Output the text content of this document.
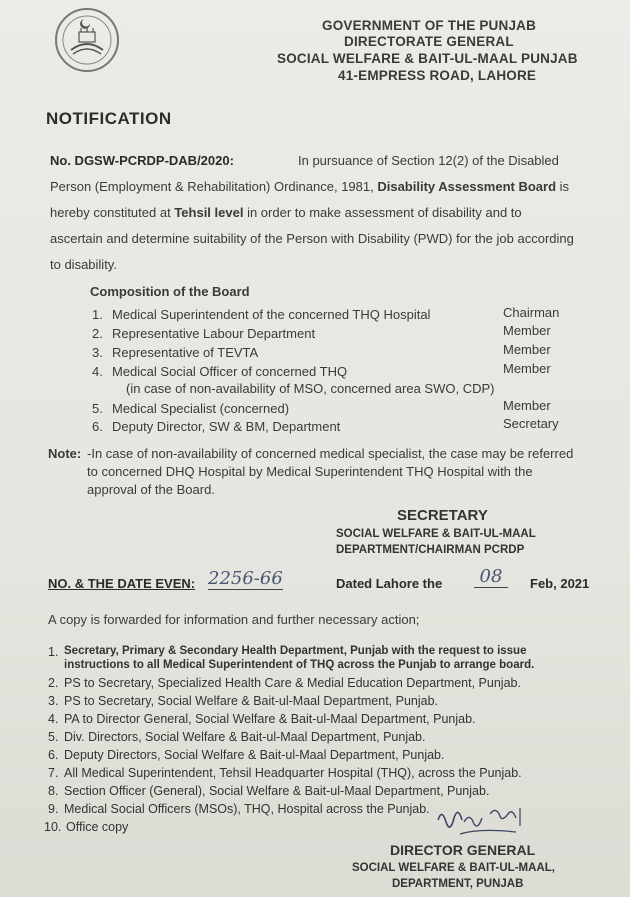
GOVERNMENT OF THE PUNJAB
DIRECTORATE GENERAL
SOCIAL WELFARE & BAIT-UL-MAAL PUNJAB
41-EMPRESS ROAD, LAHORE
NOTIFICATION
No. DGSW-PCRDP-DAB/2020:	In pursuance of Section 12(2) of the Disabled
Person (Employment & Rehabilitation) Ordinance, 1981, Disability Assessment Board is
hereby constituted at Tehsil level in order to make assessment of disability and to
ascertain and determine suitability of the Person with Disability (PWD) for the job according
to disability.
Composition of the Board
1. Medical Superintendent of the concerned THQ Hospital	Chairman
2. Representative Labour Department	Member
3. Representative of TEVTA	Member
4. Medical Social Officer of concerned THQ	Member
(in case of non-availability of MSO, concerned area SWO, CDP)
5. Medical Specialist (concerned)	Member
6. Deputy Director, SW & BM, Department	Secretary
Note: -In case of non-availability of concerned medical specialist, the case may be referred
to concerned DHQ Hospital by Medical Superintendent THQ Hospital with the
approval of the Board.
SECRETARY
SOCIAL WELFARE & BAIT-UL-MAAL
DEPARTMENT/CHAIRMAN PCRDP
NO. & THE DATE EVEN: 2256-66	Dated Lahore the	08	Feb, 2021
A copy is forwarded for information and further necessary action;
1. Secretary, Primary & Secondary Health Department, Punjab with the request to issue
instructions to all Medical Superintendent of THQ across the Punjab to arrange board.
2. PS to Secretary, Specialized Health Care & Medial Education Department, Punjab.
3. PS to Secretary, Social Welfare & Bait-ul-Maal Department, Punjab.
4. PA to Director General, Social Welfare & Bait-ul-Maal Department, Punjab.
5. Div. Directors, Social Welfare & Bait-ul-Maal Department, Punjab.
6. Deputy Directors, Social Welfare & Bait-ul-Maal Department, Punjab.
7. All Medical Superintendent, Tehsil Headquarter Hospital (THQ), across the Punjab.
8. Section Officer (General), Social Welfare & Bait-ul-Maal Department, Punjab.
9. Medical Social Officers (MSOs), THQ, Hospital across the Punjab.
10. Office copy
DIRECTOR GENERAL
SOCIAL WELFARE & BAIT-UL-MAAL,
DEPARTMENT, PUNJAB
